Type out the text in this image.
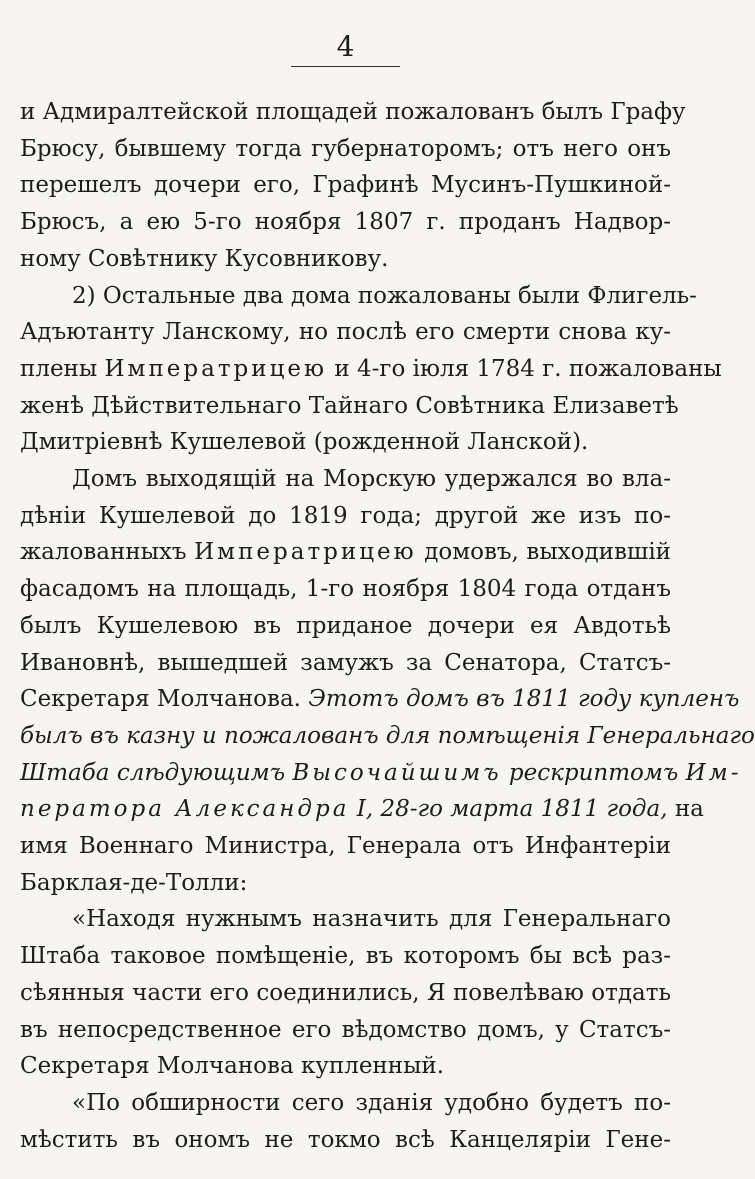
4
и Адмиралтейской площадей пожалованъ былъ Графу
Брюсу, бывшему тогда губернаторомъ; отъ него онъ
перешелъ дочери его, Графинѣ Мусинъ-Пушкиной-
Брюсъ, а ею 5-го ноября 1807 г. проданъ Надвор-
ному Совѣтнику Кусовникову.
2) Остальные два дома пожалованы были Флигель-
Адъютанту Ланскому, но послѣ его смерти снова ку-
плены Императрицею и 4-го іюля 1784 г. пожалованы
женѣ Дѣйствительнаго Тайнаго Совѣтника Елизаветѣ
Дмитріевнѣ Кушелевой (рожденной Ланской).
Домъ выходящій на Морскую удержался во вла-
дѣніи Кушелевой до 1819 года; другой же изъ по-
жалованныхъ Императрицею домовъ, выходившій
фасадомъ на площадь, 1-го ноября 1804 года отданъ
былъ Кушелевою въ приданое дочери ея Авдотьѣ
Ивановнѣ, вышедшей замужъ за Сенатора, Статсъ-
Секретаря Молчанова. Этотъ домъ въ 1811 году купленъ
былъ въ казну и пожалованъ для помѣщенія Генеральнаго
Штаба слѣдующимъ Высочайшимъ рескриптомъ Им-
ператора Александра I, 28-го марта 1811 года, на
имя Военнаго Министра, Генерала отъ Инфантеріи
Барклая-де-Толли:
«Находя нужнымъ назначить для Генеральнаго
Штаба таковое помѣщеніе, въ которомъ бы всѣ раз-
сѣянныя части его соединились, Я повелѣваю отдать
въ непосредственное его вѣдомство домъ, у Статсъ-
Секретаря Молчанова купленный.
«По обширности сего зданія удобно будетъ по-
мѣстить въ ономъ не токмо всѣ Канцеляріи Гене-
